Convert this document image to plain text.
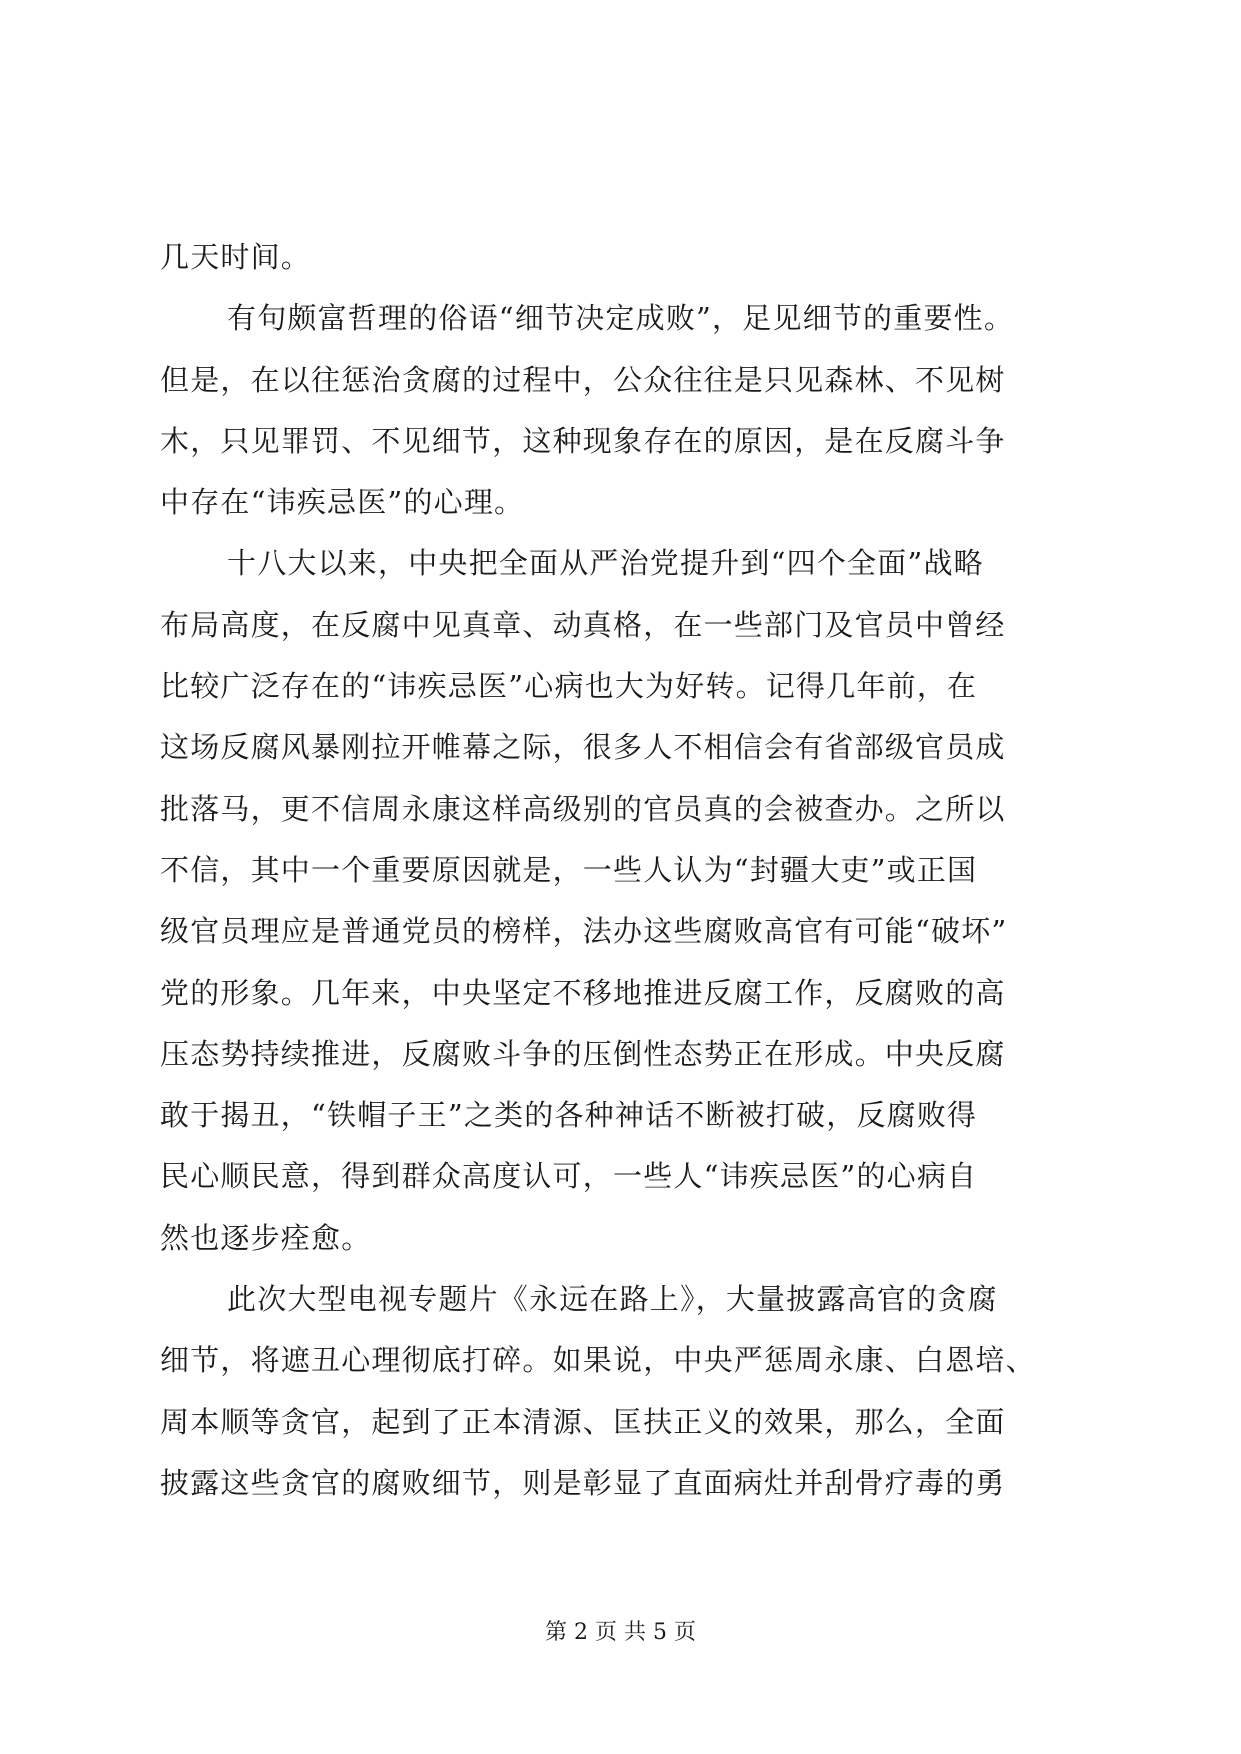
几天时间。
有句颇富哲理的俗语“细节决定成败”，足见细节的重要性。
但是，在以往惩治贪腐的过程中，公众往往是只见森林、不见树
木，只见罪罚、不见细节，这种现象存在的原因，是在反腐斗争
中存在“讳疾忌医”的心理。
十八大以来，中央把全面从严治党提升到“四个全面”战略
布局高度，在反腐中见真章、动真格，在一些部门及官员中曾经
比较广泛存在的“讳疾忌医”心病也大为好转。记得几年前，在
这场反腐风暴刚拉开帷幕之际，很多人不相信会有省部级官员成
批落马，更不信周永康这样高级别的官员真的会被查办。之所以
不信，其中一个重要原因就是，一些人认为“封疆大吏”或正国
级官员理应是普通党员的榜样，法办这些腐败高官有可能“破坏”
党的形象。几年来，中央坚定不移地推进反腐工作，反腐败的高
压态势持续推进，反腐败斗争的压倒性态势正在形成。中央反腐
敢于揭丑，“铁帽子王”之类的各种神话不断被打破，反腐败得
民心顺民意，得到群众高度认可，一些人“讳疾忌医”的心病自
然也逐步痊愈。
此次大型电视专题片《永远在路上》，大量披露高官的贪腐
细节，将遮丑心理彻底打碎。如果说，中央严惩周永康、白恩培、
周本顺等贪官，起到了正本清源、匡扶正义的效果，那么，全面
披露这些贪官的腐败细节，则是彰显了直面病灶并刮骨疗毒的勇
第 2 页 共 5 页
